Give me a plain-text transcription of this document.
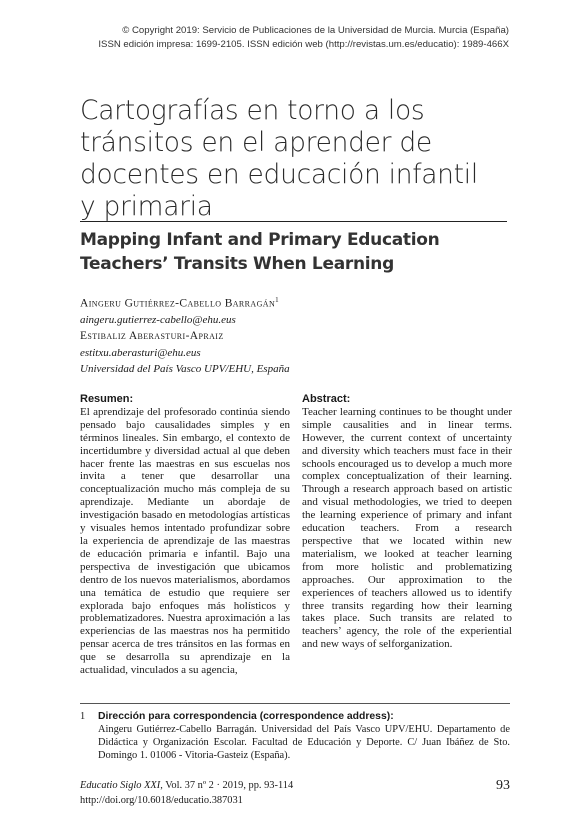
© Copyright 2019: Servicio de Publicaciones de la Universidad de Murcia. Murcia (España)
ISSN edición impresa: 1699-2105. ISSN edición web (http://revistas.um.es/educatio): 1989-466X
Cartografías en torno a los tránsitos en el aprender de docentes en educación infantil y primaria
Mapping Infant and Primary Education Teachers’ Transits When Learning
Aingeru Gutiérrez-Cabello Barragán$^1$
aingeru.gutierrez-cabello@ehu.eus
Estibaliz Aberasturi-Apraiz
estitxu.aberasturi@ehu.eus
Universidad del País Vasco UPV/EHU, España
Resumen:

El aprendizaje del profesorado continúa siendo pensado bajo causalidades simples y en términos lineales. Sin embargo, el contexto de incertidumbre y diversidad actual al que deben hacer frente las maestras en sus escuelas nos invita a tener que desarrollar una conceptualización mucho más compleja de su aprendizaje. Mediante un abordaje de investigación basado en metodologías artísticas y visuales hemos intentado profundizar sobre la experiencia de aprendizaje de las maestras de educación primaria e infantil. Bajo una perspectiva de investigación que ubicamos dentro de los nuevos materialismos, abordamos una temática de estudio que requiere ser explorada bajo enfoques más holísticos y problematizadores. Nuestra aproximación a las experiencias de las maestras nos ha permitido pensar acerca de tres tránsitos en las formas en que se desarrolla su aprendizaje en la actualidad, vinculados a su agencia,

Abstract:

Teacher learning continues to be thought under simple causalities and in linear terms. However, the current context of uncertainty and diversity which teachers must face in their schools encouraged us to develop a much more complex conceptualization of their learning. Through a research approach based on artistic and visual methodologies, we tried to deepen the learning experience of primary and infant education teachers. From a research perspective that we located within new materialism, we looked at teacher learning from more holistic and problematizing approaches. Our approximation to the experiences of teachers allowed us to identify three transits regarding how their learning takes place. Such transits are related to teachers’ agency, the role of the experiential and new ways of selforganization.

1 Dirección para correspondencia (correspondence address):
Aingeru Gutiérrez-Cabello Barragán. Universidad del País Vasco UPV/EHU. Departamento de Didáctica y Organización Escolar. Facultad de Educación y Deporte. C/ Juan Ibáñez de Sto. Domingo 1. 01006 - Vitoria-Gasteiz (España).
Educatio Siglo XXI, Vol. 37 nº 2 · 2019, pp. 93-114
http://doi.org/10.6018/educatio.387031
93
